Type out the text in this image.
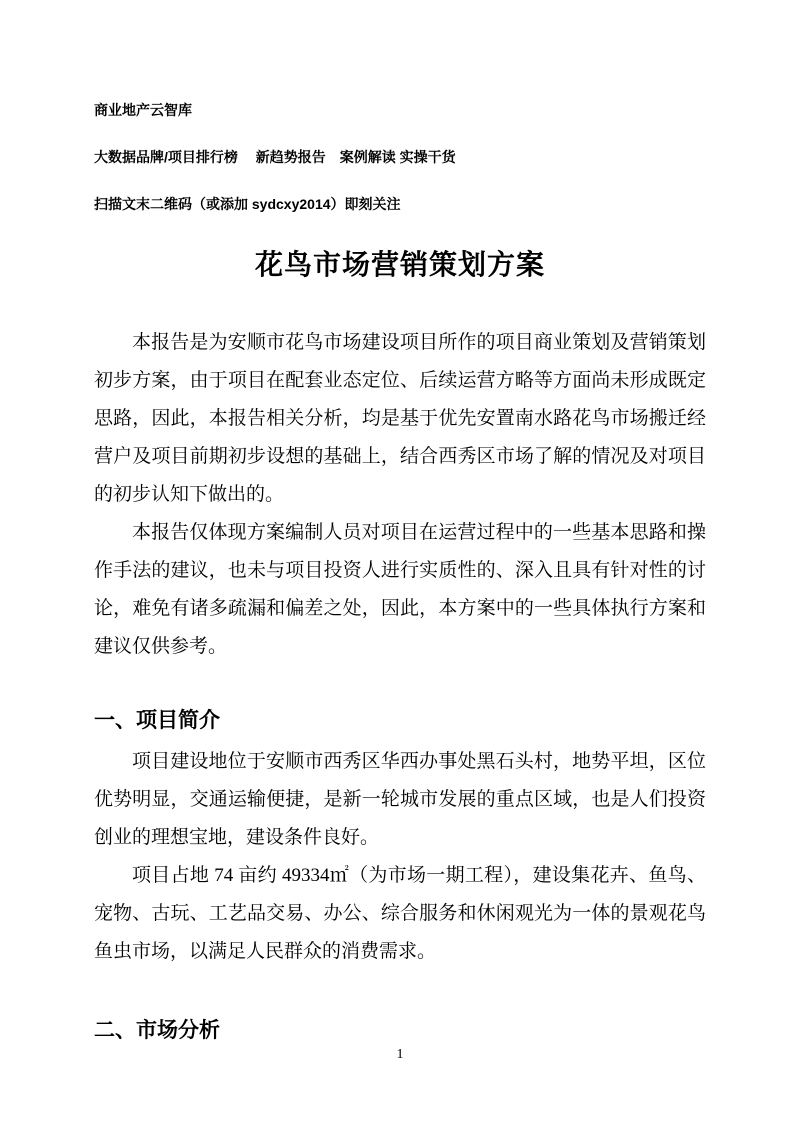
商业地产云智库

大数据品牌/项目排行榜　 新趋势报告　案例解读 实操干货

扫描文末二维码（或添加 sydcxy2014）即刻关注

花鸟市场营销策划方案

本报告是为安顺市花鸟市场建设项目所作的项目商业策划及营销策划初步方案，由于项目在配套业态定位、后续运营方略等方面尚未形成既定思路，因此，本报告相关分析，均是基于优先安置南水路花鸟市场搬迁经营户及项目前期初步设想的基础上，结合西秀区市场了解的情况及对项目的初步认知下做出的。

本报告仅体现方案编制人员对项目在运营过程中的一些基本思路和操作手法的建议，也未与项目投资人进行实质性的、深入且具有针对性的讨论，难免有诸多疏漏和偏差之处，因此，本方案中的一些具体执行方案和建议仅供参考。

一、项目简介

项目建设地位于安顺市西秀区华西办事处黑石头村，地势平坦，区位优势明显，交通运输便捷，是新一轮城市发展的重点区域，也是人们投资创业的理想宝地，建设条件良好。

项目占地 74 亩约 49334㎡（为市场一期工程），建设集花卉、鱼鸟、宠物、古玩、工艺品交易、办公、综合服务和休闲观光为一体的景观花鸟鱼虫市场，以满足人民群众的消费需求。

二、市场分析
1
